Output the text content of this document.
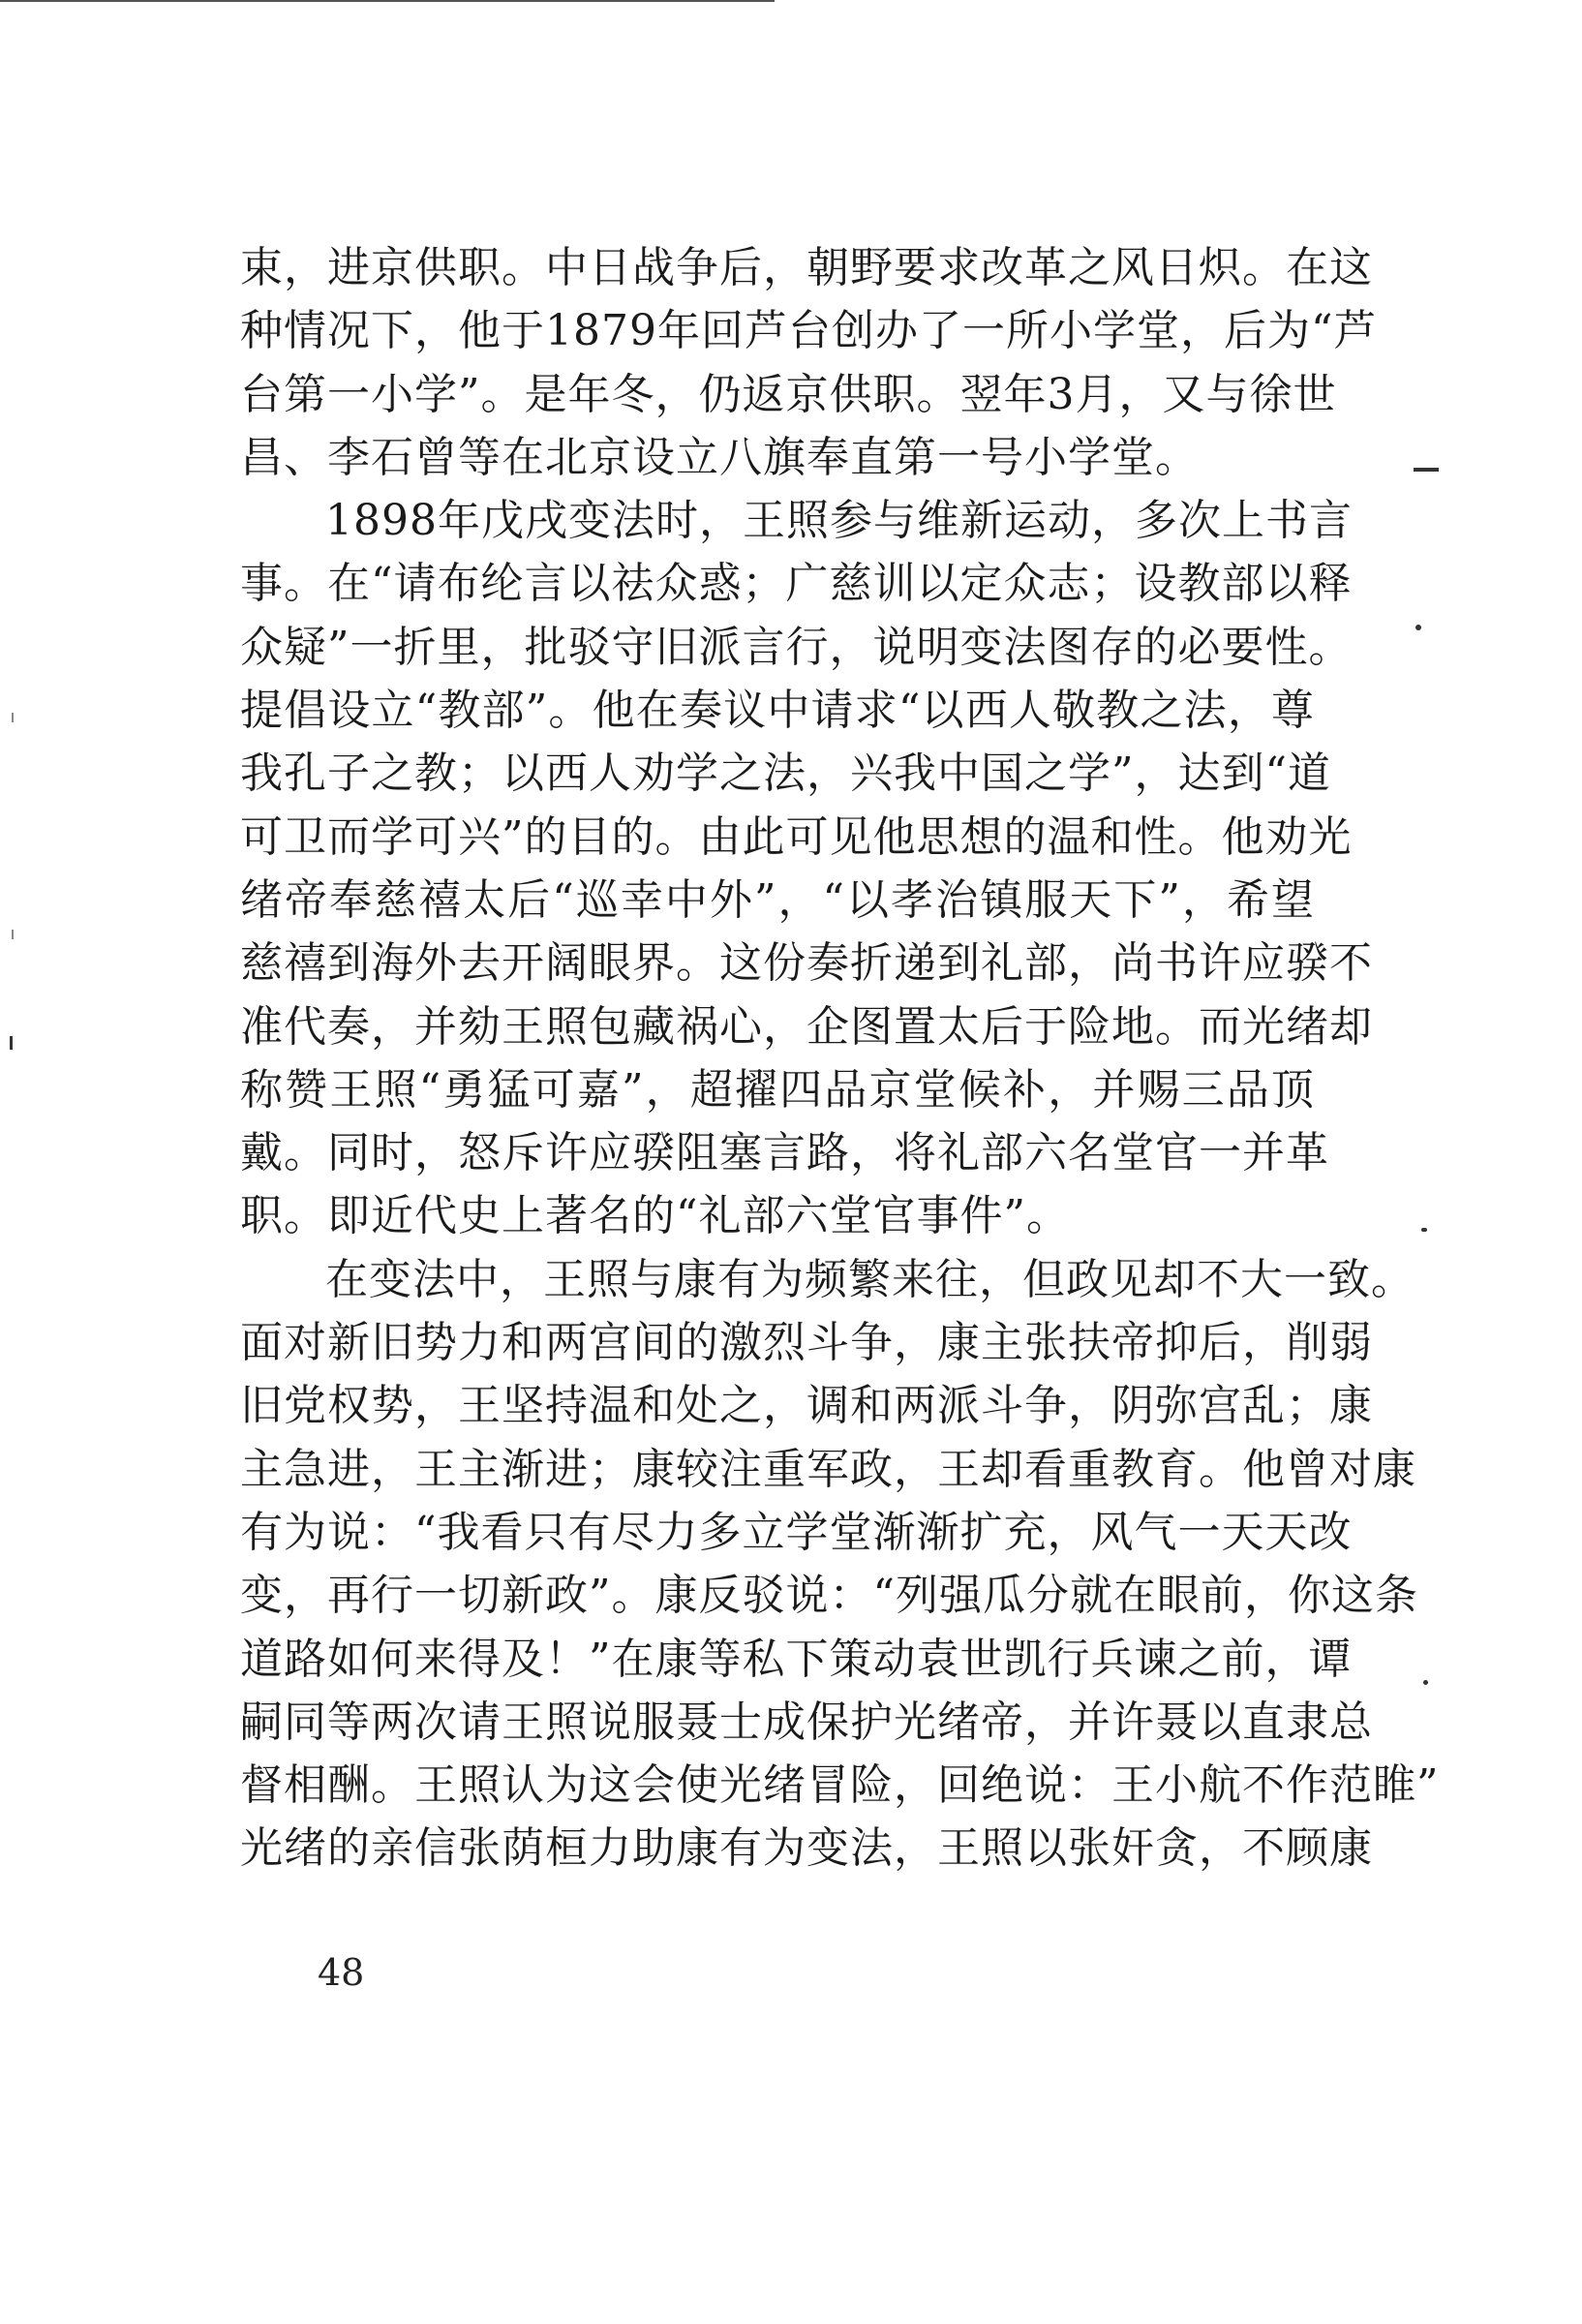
束，进京供职。中日战争后，朝野要求改革之风日炽。在这
种情况下，他于1879年回芦台创办了一所小学堂，后为“芦
台第一小学”。是年冬，仍返京供职。翌年3月，又与徐世
昌、李石曾等在北京设立八旗奉直第一号小学堂。
1898年戊戌变法时，王照参与维新运动，多次上书言
事。在“请布纶言以祛众惑；广慈训以定众志；设教部以释
众疑”一折里，批驳守旧派言行，说明变法图存的必要性。
提倡设立“教部”。他在奏议中请求“以西人敬教之法，尊
我孔子之教；以西人劝学之法，兴我中国之学”，达到“道
可卫而学可兴”的目的。由此可见他思想的温和性。他劝光
绪帝奉慈禧太后“巡幸中外”，“以孝治镇服天下”，希望
慈禧到海外去开阔眼界。这份奏折递到礼部，尚书许应骙不
准代奏，并劾王照包藏祸心，企图置太后于险地。而光绪却
称赞王照“勇猛可嘉”，超擢四品京堂候补，并赐三品顶
戴。同时，怒斥许应骙阻塞言路，将礼部六名堂官一并革
职。即近代史上著名的“礼部六堂官事件”。
在变法中，王照与康有为频繁来往，但政见却不大一致。
面对新旧势力和两宫间的激烈斗争，康主张扶帝抑后，削弱
旧党权势，王坚持温和处之，调和两派斗争，阴弥宫乱；康
主急进，王主渐进；康较注重军政，王却看重教育。他曾对康
有为说：“我看只有尽力多立学堂渐渐扩充，风气一天天改
变，再行一切新政”。康反驳说：“列强瓜分就在眼前，你这条
道路如何来得及！”在康等私下策动袁世凯行兵谏之前，谭
嗣同等两次请王照说服聂士成保护光绪帝，并许聂以直隶总
督相酬。王照认为这会使光绪冒险，回绝说：王小航不作范睢”
光绪的亲信张荫桓力助康有为变法，王照以张奸贪，不顾康
48
